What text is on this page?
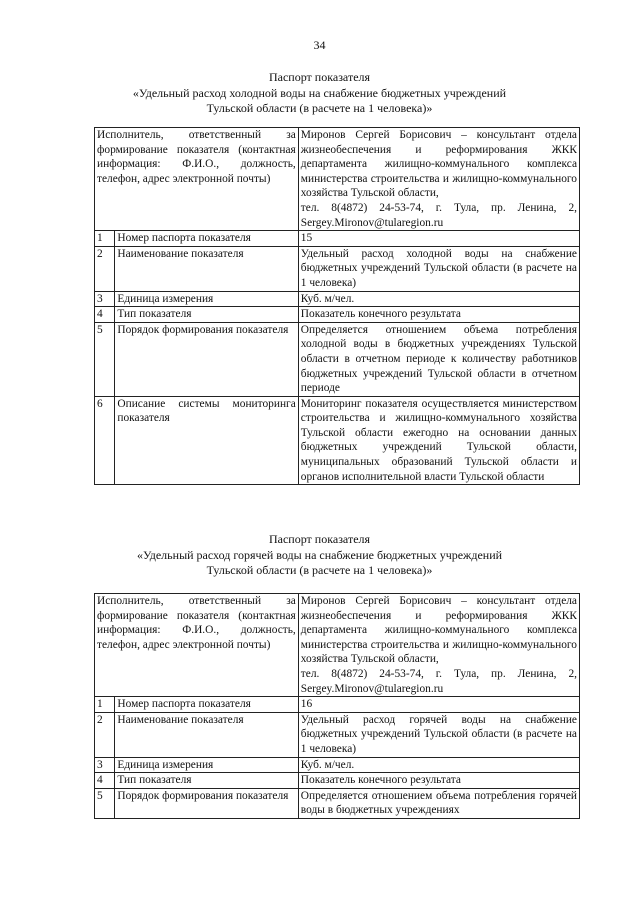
34
Паспорт показателя
«Удельный расход холодной воды на снабжение бюджетных учреждений
Тульской области (в расчете на 1 человека)»
Исполнитель, ответственный за формирование показателя (контактная информация: Ф.И.О., должность, телефон, адрес электронной почты)		Миронов Сергей Борисович – консультант отдела жизнеобеспечения и реформирования ЖКК департамента жилищно-коммунального комплекса министерства строительства и жилищно-коммунального хозяйства Тульской области,
тел. 8(4872) 24-53-74, г. Тула, пр. Ленина, 2, Sergey.Mironov@tularegion.ru

1	Номер паспорта показателя	15
2	Наименование показателя	Удельный расход холодной воды на снабжение бюджетных учреждений Тульской области (в расчете на 1 человека)
3	Единица измерения	Куб. м/чел.
4	Тип показателя	Показатель конечного результата
5	Порядок формирования показателя	Определяется отношением объема потребления холодной воды в бюджетных учреждениях Тульской области в отчетном периоде к количеству работников бюджетных учреждений Тульской области в отчетном периоде
6	Описание системы мониторинга показателя	Мониторинг показателя осуществляется министерством строительства и жилищно-коммунального хозяйства Тульской области ежегодно на основании данных бюджетных учреждений Тульской области, муниципальных образований Тульской области и органов исполнительной власти Тульской области
Паспорт показателя
«Удельный расход горячей воды на снабжение бюджетных учреждений
Тульской области (в расчете на 1 человека)»
Исполнитель, ответственный за формирование показателя (контактная информация: Ф.И.О., должность, телефон, адрес электронной почты)		Миронов Сергей Борисович – консультант отдела жизнеобеспечения и реформирования ЖКК департамента жилищно-коммунального комплекса министерства строительства и жилищно-коммунального хозяйства Тульской области,
тел. 8(4872) 24-53-74, г. Тула, пр. Ленина, 2, Sergey.Mironov@tularegion.ru

1	Номер паспорта показателя	16
2	Наименование показателя	Удельный расход горячей воды на снабжение бюджетных учреждений Тульской области (в расчете на 1 человека)
3	Единица измерения	Куб. м/чел.
4	Тип показателя	Показатель конечного результата
5	Порядок формирования показателя	Определяется отношением объема потребления горячей воды в бюджетных учреждениях
